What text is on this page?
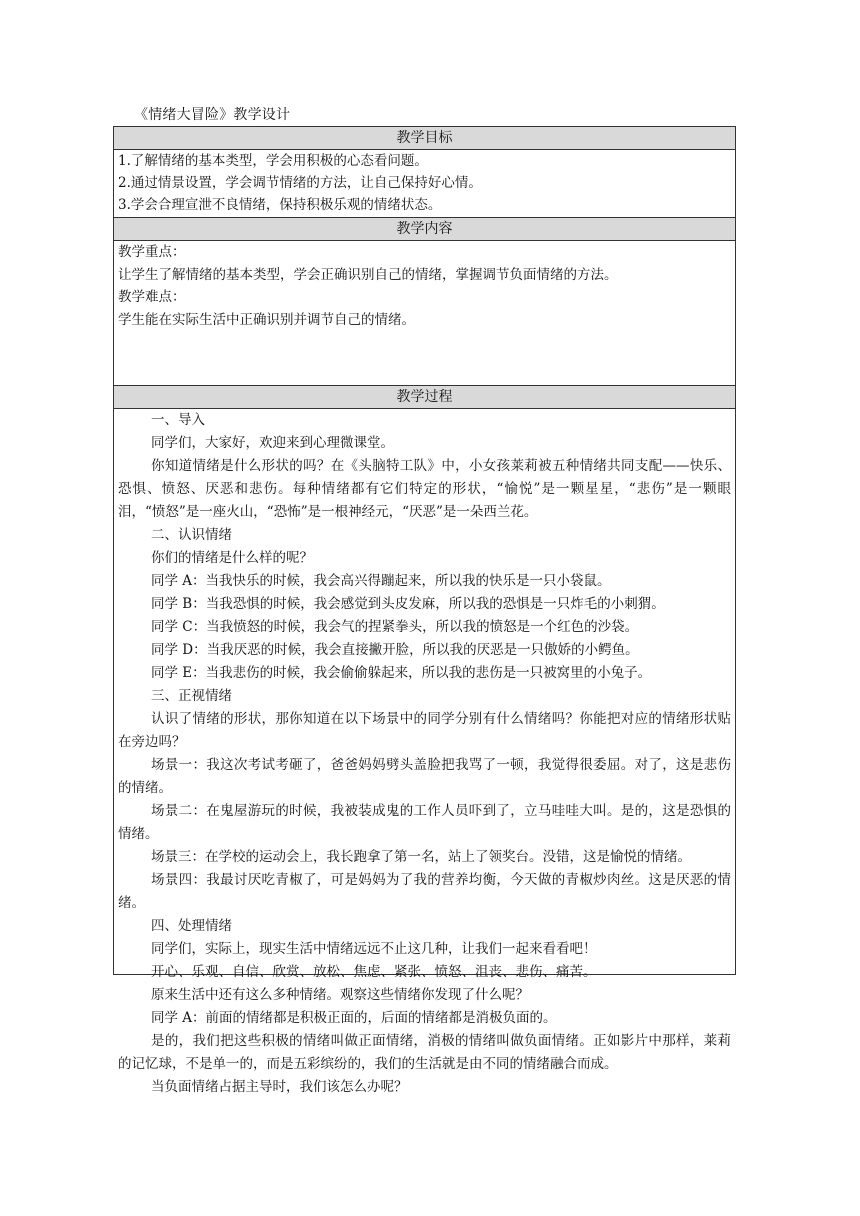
《情绪大冒险》教学设计
教学目标
1.了解情绪的基本类型，学会用积极的心态看问题。
2.通过情景设置，学会调节情绪的方法，让自己保持好心情。
3.学会合理宣泄不良情绪，保持积极乐观的情绪状态。
教学内容
教学重点：
让学生了解情绪的基本类型，学会正确识别自己的情绪，掌握调节负面情绪的方法。
教学难点：
学生能在实际生活中正确识别并调节自己的情绪。
教学过程

一、导入

同学们，大家好，欢迎来到心理微课堂。

你知道情绪是什么形状的吗？在《头脑特工队》中，小女孩莱莉被五种情绪共同支配——快乐、恐惧、愤怒、厌恶和悲伤。每种情绪都有它们特定的形状，“愉悦”是一颗星星，“悲伤”是一颗眼泪，“愤怒”是一座火山，“恐怖”是一根神经元，“厌恶”是一朵西兰花。

二、认识情绪

你们的情绪是什么样的呢？

同学 A：当我快乐的时候，我会高兴得蹦起来，所以我的快乐是一只小袋鼠。

同学 B：当我恐惧的时候，我会感觉到头皮发麻，所以我的恐惧是一只炸毛的小刺猬。

同学 C：当我愤怒的时候，我会气的捏紧拳头，所以我的愤怒是一个红色的沙袋。

同学 D：当我厌恶的时候，我会直接撇开脸，所以我的厌恶是一只傲娇的小鳄鱼。

同学 E：当我悲伤的时候，我会偷偷躲起来，所以我的悲伤是一只被窝里的小兔子。

三、正视情绪

认识了情绪的形状，那你知道在以下场景中的同学分别有什么情绪吗？你能把对应的情绪形状贴在旁边吗？

场景一：我这次考试考砸了，爸爸妈妈劈头盖脸把我骂了一顿，我觉得很委屈。对了，这是悲伤的情绪。

场景二：在鬼屋游玩的时候，我被装成鬼的工作人员吓到了，立马哇哇大叫。是的，这是恐惧的情绪。

场景三：在学校的运动会上，我长跑拿了第一名，站上了领奖台。没错，这是愉悦的情绪。

场景四：我最讨厌吃青椒了，可是妈妈为了我的营养均衡，今天做的青椒炒肉丝。这是厌恶的情绪。

四、处理情绪

同学们，实际上，现实生活中情绪远远不止这几种，让我们一起来看看吧！

开心、乐观、自信、欣赏、放松、焦虑、紧张、愤怒、沮丧、悲伤、痛苦。

原来生活中还有这么多种情绪。观察这些情绪你发现了什么呢？

同学 A：前面的情绪都是积极正面的，后面的情绪都是消极负面的。

是的，我们把这些积极的情绪叫做正面情绪，消极的情绪叫做负面情绪。正如影片中那样，莱莉的记忆球，不是单一的，而是五彩缤纷的，我们的生活就是由不同的情绪融合而成。

当负面情绪占据主导时，我们该怎么办呢？
